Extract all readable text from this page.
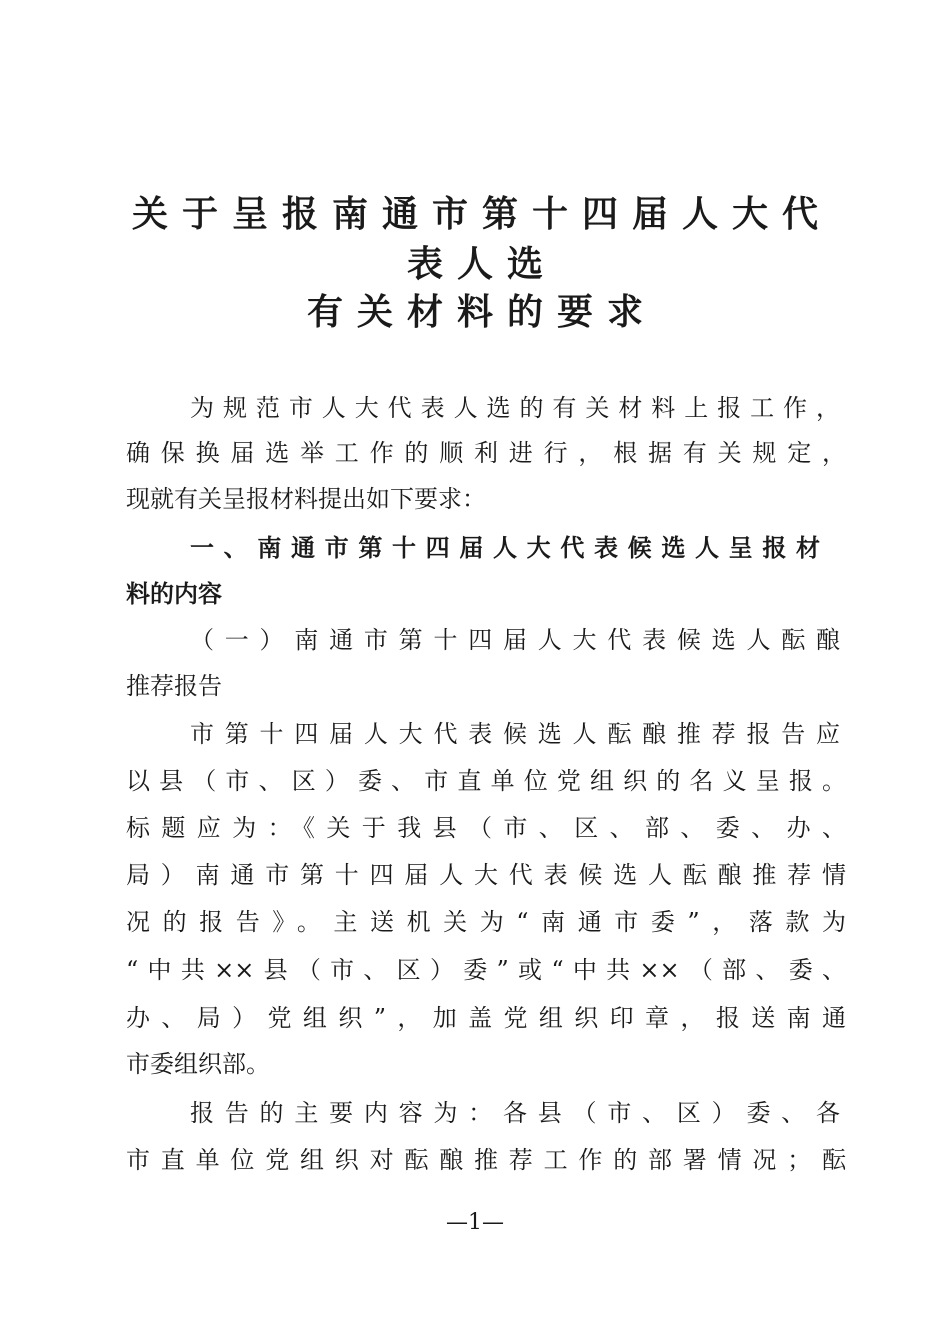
关于呈报南通市第十四届人大代
表人选
有关材料的要求
为规范市人大代表人选的有关材料上报工作，
确保换届选举工作的顺利进行，根据有关规定，
现就有关呈报材料提出如下要求：
一、南通市第十四届人大代表候选人呈报材
料的内容
（一）南通市第十四届人大代表候选人酝酿
推荐报告
市第十四届人大代表候选人酝酿推荐报告应
以县（市、区）委、市直单位党组织的名义呈报。
标题应为：《关于我县（市、区、部、委、办、
局）南通市第十四届人大代表候选人酝酿推荐情
况的报告》。主送机关为“南通市委”，落款为
“中共××县（市、区）委”或“中共××（部、委、
办、局）党组织”，加盖党组织印章，报送南通
市委组织部。
报告的主要内容为：各县（市、区）委、各
市直单位党组织对酝酿推荐工作的部署情况；酝
—1—
